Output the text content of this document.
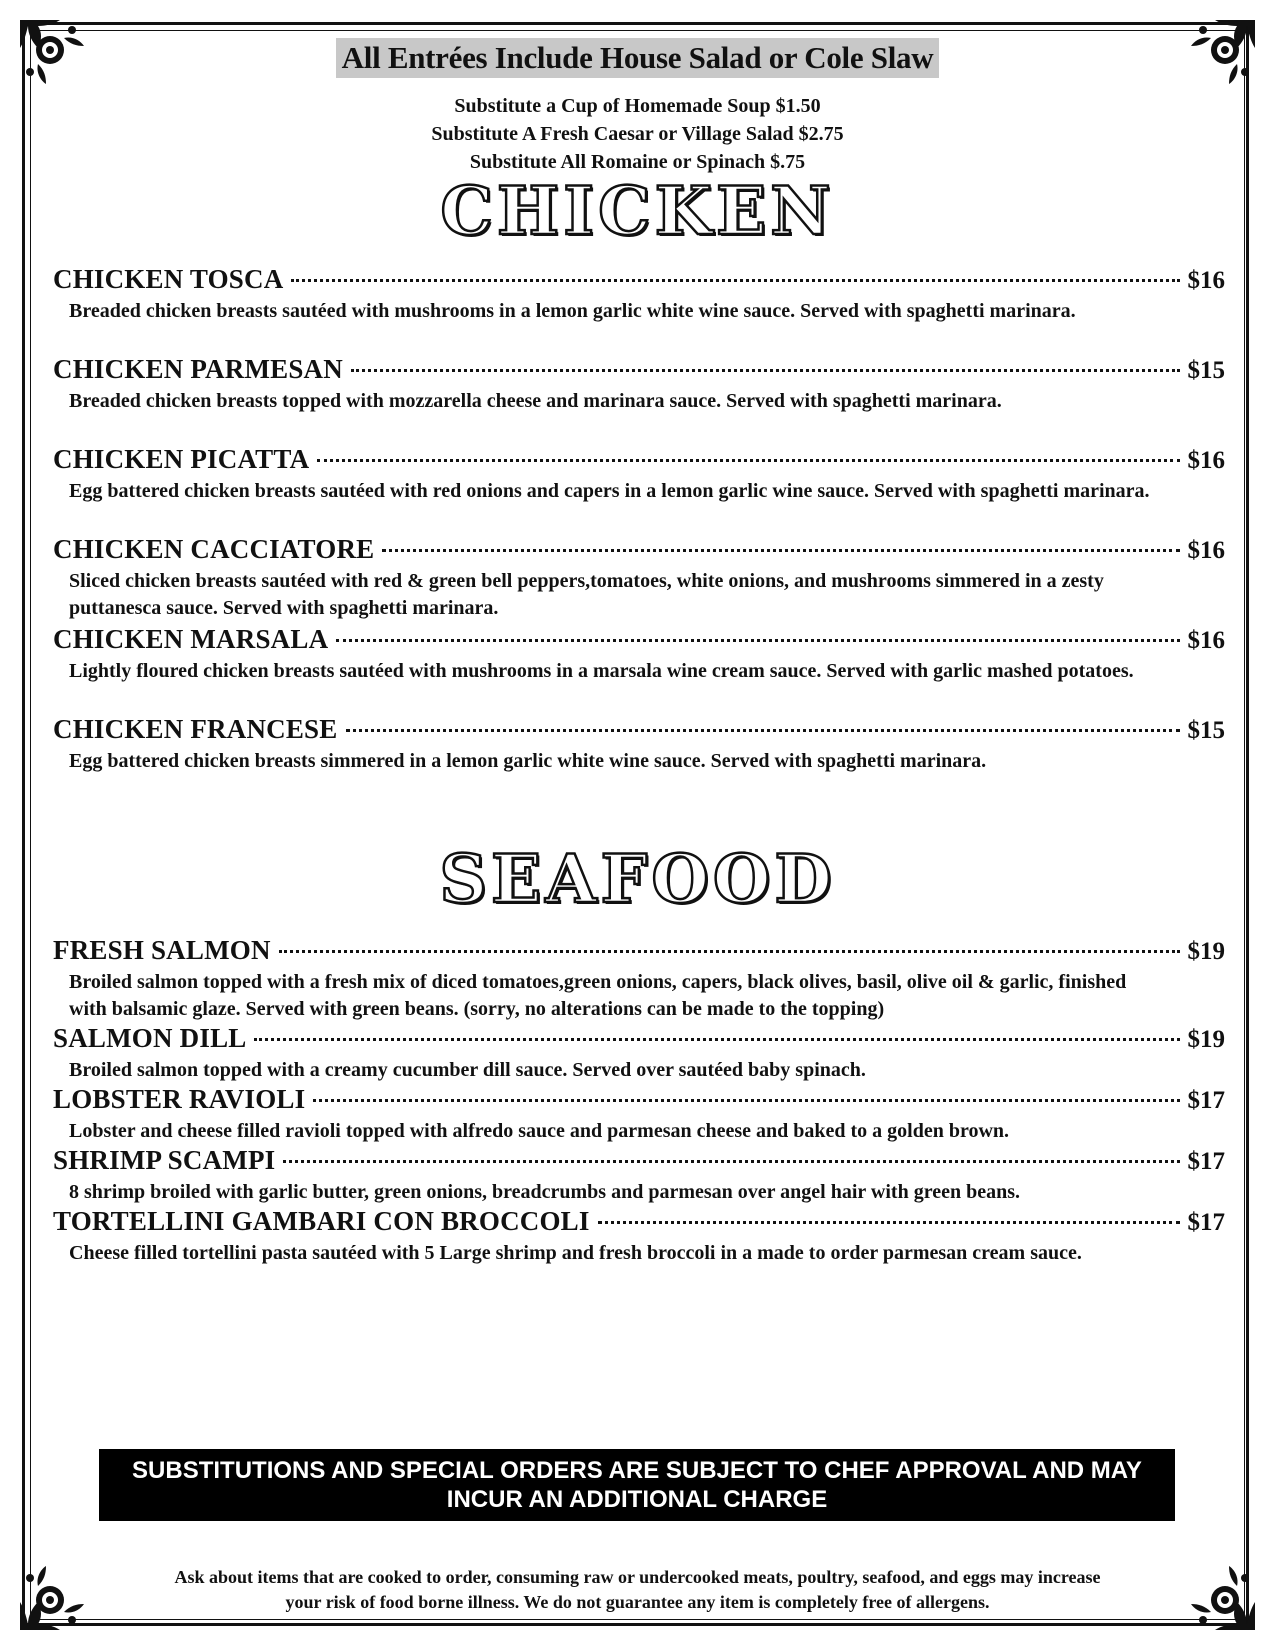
All Entrées Include House Salad or Cole Slaw
Substitute a Cup of Homemade Soup $1.50
Substitute A Fresh Caesar or Village Salad $2.75
Substitute All Romaine or Spinach $.75
CHICKEN
CHICKEN TOSCA	$16
Breaded chicken breasts sautéed with mushrooms in a lemon garlic white wine sauce. Served with spaghetti marinara.
CHICKEN PARMESAN	$15
Breaded chicken breasts topped with mozzarella cheese and marinara sauce. Served with spaghetti marinara.
CHICKEN PICATTA	$16
Egg battered chicken breasts sautéed with red onions and capers in a lemon garlic wine sauce. Served with spaghetti marinara.
CHICKEN CACCIATORE	$16
Sliced chicken breasts sautéed with red & green bell peppers,tomatoes, white onions, and mushrooms simmered in a zesty puttanesca sauce. Served with spaghetti marinara.
CHICKEN MARSALA	$16
Lightly floured chicken breasts sautéed with mushrooms in a marsala wine cream sauce. Served with garlic mashed potatoes.
CHICKEN FRANCESE	$15
Egg battered chicken breasts simmered in a lemon garlic white wine sauce. Served with spaghetti marinara.
SEAFOOD
FRESH SALMON	$19
Broiled salmon topped with a fresh mix of diced tomatoes,green onions, capers, black olives, basil, olive oil & garlic, finished with balsamic glaze. Served with green beans. (sorry, no alterations can be made to the topping)
SALMON DILL	$19
Broiled salmon topped with a creamy cucumber dill sauce. Served over sautéed baby spinach.
LOBSTER RAVIOLI	$17
Lobster and cheese filled ravioli topped with alfredo sauce and parmesan cheese and baked to a golden brown.
SHRIMP SCAMPI	$17
8 shrimp broiled with garlic butter, green onions, breadcrumbs and parmesan over angel hair with green beans.
TORTELLINI GAMBARI CON BROCCOLI	$17
Cheese filled tortellini pasta sautéed with 5 Large shrimp and fresh broccoli in a made to order parmesan cream sauce.
SUBSTITUTIONS AND SPECIAL ORDERS ARE SUBJECT TO CHEF APPROVAL AND MAY INCUR AN ADDITIONAL CHARGE
Ask about items that are cooked to order, consuming raw or undercooked meats, poultry, seafood, and eggs may increase
your risk of food borne illness. We do not guarantee any item is completely free of allergens.
